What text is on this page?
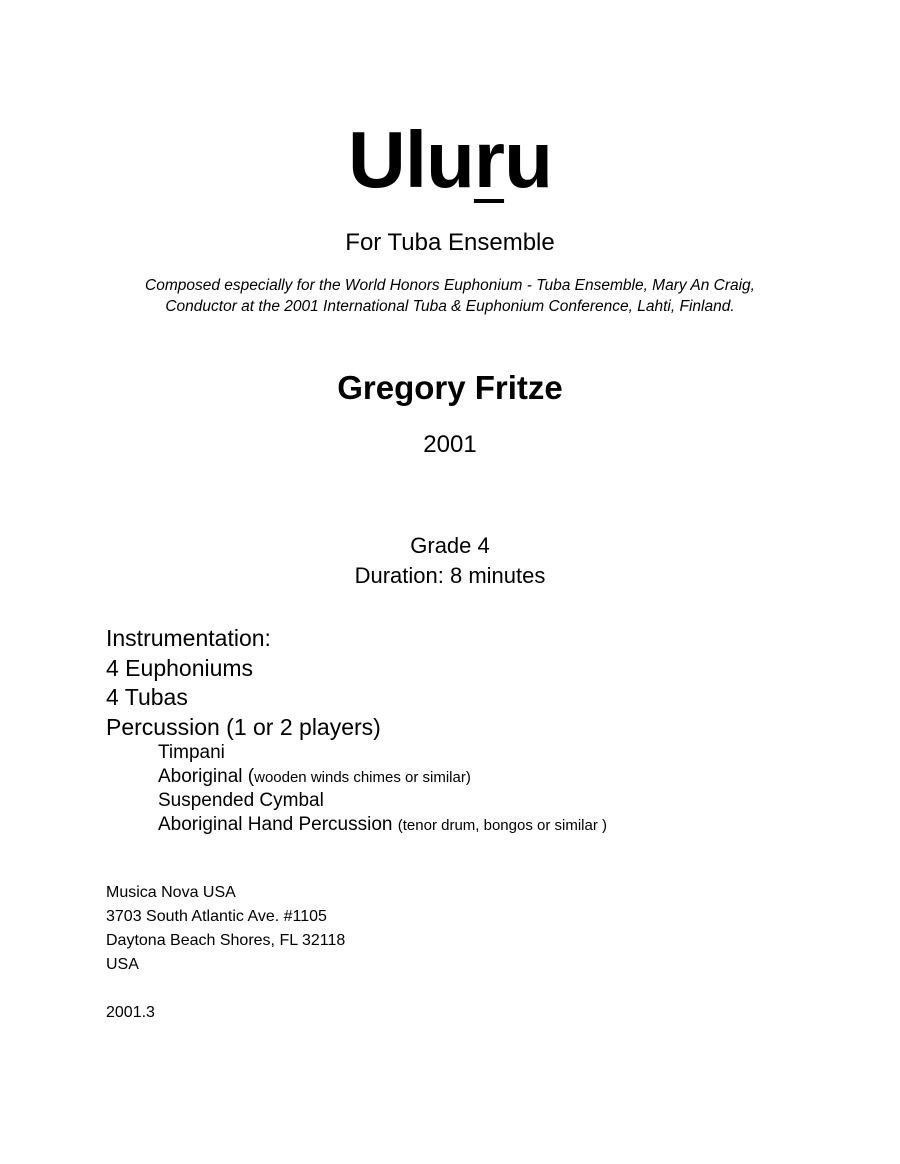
Uluru
For Tuba Ensemble
Composed especially for the World Honors Euphonium - Tuba Ensemble, Mary An Craig,
Conductor at the 2001 International Tuba & Euphonium Conference, Lahti, Finland.
Gregory Fritze
2001
Grade 4
Duration: 8 minutes
Instrumentation:
4 Euphoniums
4 Tubas
Percussion (1 or 2 players)
Timpani
Aboriginal (wooden winds chimes or similar)
Suspended Cymbal
Aboriginal Hand Percussion (tenor drum, bongos or similar )
Musica Nova USA
3703 South Atlantic Ave. #1105
Daytona Beach Shores, FL 32118
USA
2001.3
